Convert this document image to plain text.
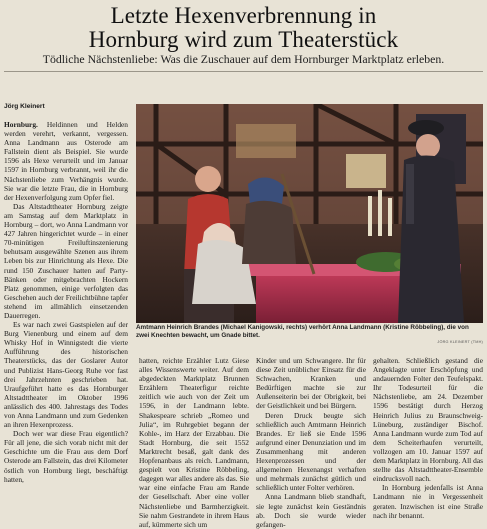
Letzte Hexenverbrennung in
Hornburg wird zum Theaterstück
Tödliche Nächstenliebe: Was die Zuschauer auf dem Hornburger Marktplatz erleben.
Jörg Kleinert

Hornburg. Heldinnen und Helden werden verehrt, verkannt, vergessen. Anna Landmann aus Osterode am Fallstein dient als Beispiel. Sie wurde 1596 als Hexe verurteilt und im Januar 1597 in Hornburg verbrannt, weil ihr die Nächstenliebe zum Verhängnis wurde. Sie war die letzte Frau, die in Hornburg der Hexenverfolgung zum Opfer fiel.

Das Altstadttheater Hornburg zeigte am Samstag auf dem Marktplatz in Hornburg – dort, wo Anna Landmann vor 427 Jahren hingerichtet wurde – in einer 70-minütigen Freiluftinszenierung behutsam ausgewählte Szenen aus ihrem Leben bis zur Hinrichtung als Hexe. Die rund 150 Zuschauer hatten auf Party-Bänken oder mitgebrachten Hockern Platz genommen, einige verfolgten das Geschehen auch der Freilichtbühne tapfer stehend im allmählich einsetzenden Dauerregen.

Es war nach zwei Gastspielen auf der Burg Vienenburg und einem auf dem Whisky Hof in Winnigstedt die vierte Aufführung des historischen Theaterstücks, das der Goslarer Autor und Publizist Hans-Georg Ruhe vor fast drei Jahrzehnten geschrieben hat. Uraufgeführt hatte es das Hornburger Altstadttheater im Oktober 1996 anlässlich des 400. Jahrestags des Todes von Anna Landmann und zum Gedenken an ihren Hexenprozess.

Doch wer war diese Frau eigentlich? Für all jene, die sich vorab nicht mit der Geschichte um die Frau aus dem Dorf Osterode am Fallstein, das drei Kilometer östlich von Hornburg liegt, beschäftigt hatten,

Amtmann Heinrich Brandes (Michael Kanigowski, rechts) verhört Anna Landmann (Kristine Röbbeling), die von zwei Knechten bewacht, um Gnade bittet.
JÖRG KLEINERT (TMH)

hatten, reichte Erzähler Lutz Giese alles Wissenswerte weiter. Auf dem abgedeckten Marktplatz Brunnen Erzählern Theaterfigur reichte zeitlich wie auch von der Zeit um 1596, in der Landmann lebte. Shakespeare schrieb „Romeo und Julia“, im Ruhrgebiet begann der Kohle-, im Harz der Erzabbau. Die Stadt Hornburg, die seit 1552 Marktrecht besaß, galt dank des Hopfenanbaus als reich. Landmann, gespielt von Kristine Röbbeling, dagegen war alles andere als das. Sie war eine einfache Frau am Rande der Gesellschaft. Aber eine voller Nächstenliebe und Barmherzigkeit. Sie nahm Gestrandete in ihrem Haus auf, kümmerte sich um

Kinder und um Schwangere. Ihr für diese Zeit unüblicher Einsatz für die Schwachen, Kranken und Bedürftigen machte sie zur Außenseiterin bei der Obrigkeit, bei der Geistlichkeit und bei Bürgern.

Deren Druck beugte sich schließlich auch Amtmann Heinrich Brandes. Er ließ sie Ende 1596 aufgrund einer Denunziation und im Zusammenhang mit anderen Hexenprozessen und der allgemeinen Hexenangst verhaften und mehrmals zunächst gütlich und schließlich unter Folter verhören.

Anna Landmann blieb standhaft, sie legte zunächst kein Geständnis ab. Doch sie wurde wieder gefangen-

gehalten. Schließlich gestand die Angeklagte unter Erschöpfung und andauernden Folter den Teufelspakt. Ihr Todesurteil für die Nächstenliebe, am 24. Dezember 1596 bestätigt durch Herzog Heinrich Julius zu Braunschweig-Lüneburg, zuständiger Bischof. Anna Landmann wurde zum Tod auf dem Scheiterhaufen verurteilt, vollzogen am 10. Januar 1597 auf dem Marktplatz in Hornburg. All das stellte das Altstadttheater-Ensemble eindrucksvoll nach.

In Hornburg jedenfalls ist Anna Landmann nie in Vergessenheit geraten. Inzwischen ist eine Straße nach ihr benannt.
